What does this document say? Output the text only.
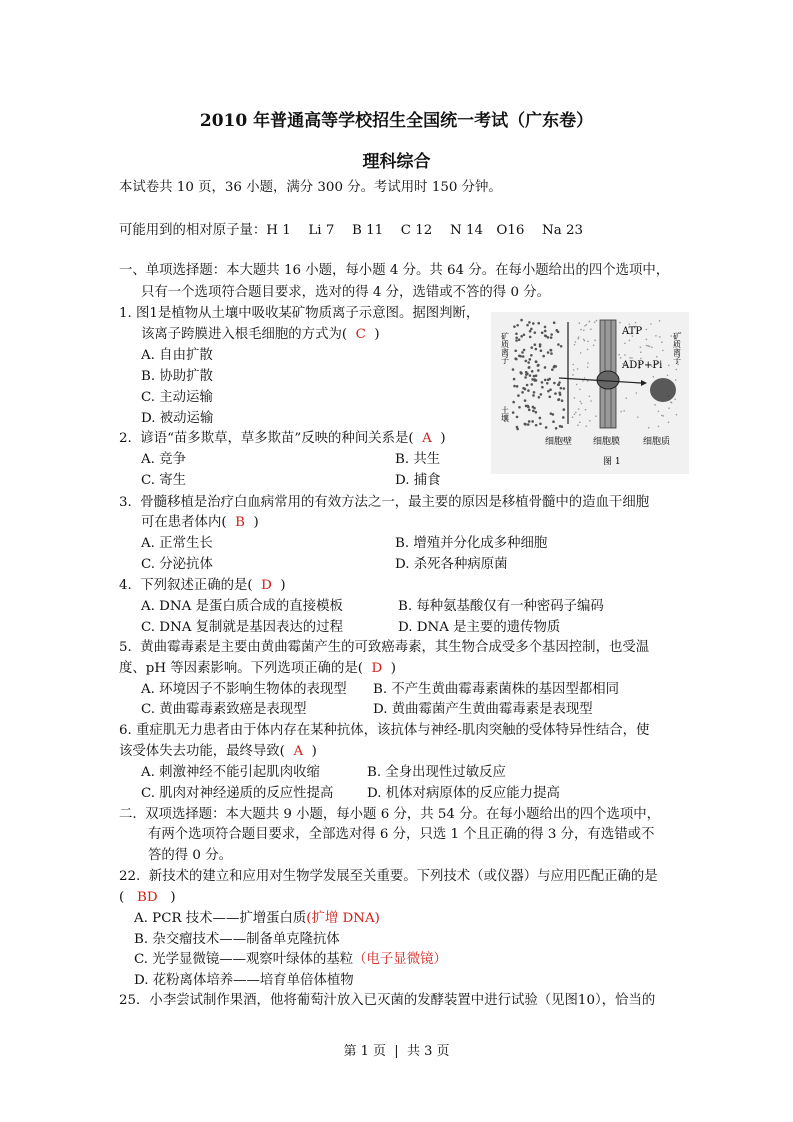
2010 年普通高等学校招生全国统一考试（广东卷）
理科综合
本试卷共 10 页，36 小题，满分 300 分。考试用时 150 分钟。
可能用到的相对原子量：H 1　 Li 7　 B 11　 C 12　 N 14　O16　 Na 23
一、单项选择题：本大题共 16 小题，每小题 4 分。共 64 分。在每小题给出的四个选项中，
只有一个选项符合题目要求，选对的得 4 分，选错或不答的得 0 分。
1. 图1是植物从土壤中吸收某矿物质离子示意图。据图判断，
该离子跨膜进入根毛细胞的方式为(  C  )
A. 自由扩散
B. 协助扩散
C. 主动运输
D. 被动运输
2.  谚语“苗多欺草，草多欺苗”反映的种间关系是(  A  )
A. 竞争	B. 共生
C. 寄生	D. 捕食
3.  骨髓移植是治疗白血病常用的有效方法之一，最主要的原因是移植骨髓中的造血干细胞
可在患者体内(  B  )
A. 正常生长	B. 增殖并分化成多种细胞
C. 分泌抗体	D. 杀死各种病原菌
4.  下列叙述正确的是(  D  )
A. DNA 是蛋白质合成的直接模板	B. 每种氨基酸仅有一种密码子编码
C. DNA 复制就是基因表达的过程	D. DNA 是主要的遗传物质
5.  黄曲霉毒素是主要由黄曲霉菌产生的可致癌毒素，其生物合成受多个基因控制，也受温
度、pH 等因素影响。下列选项正确的是(  D  )
A. 环境因子不影响生物体的表现型 B. 不产生黄曲霉毒素菌株的基因型都相同
C. 黄曲霉毒素致癌是表现型	D. 黄曲霉菌产生黄曲霉毒素是表现型
6. 重症肌无力患者由于体内存在某种抗体，该抗体与神经-肌肉突触的受体特异性结合，使
该受体失去功能，最终导致(  A  )
A. 刺激神经不能引起肌肉收缩	B. 全身出现性过敏反应
C. 肌肉对神经递质的反应性提高	D. 机体对病原体的反应能力提高
二.  双项选择题：本大题共 9 小题，每小题 6 分，共 54 分。在每小题给出的四个选项中，
有两个选项符合题目要求，全部选对得 6 分，只选 1 个且正确的得 3 分，有选错或不
答的得 0 分。
22.  新技术的建立和应用对生物学发展至关重要。下列技术（或仪器）与应用匹配正确的是
(   BD   )
A. PCR 技术——扩增蛋白质(扩增 DNA)
B. 杂交瘤技术——制备单克隆抗体
C. 光学显微镜——观察叶绿体的基粒（电子显微镜）
D. 花粉离体培养——培育单倍体植物
25．小李尝试制作果酒，他将葡萄汁放入已灭菌的发酵装置中进行试验（见图10），恰当的
ATP
ADP+Pi
矿质离子	矿质离子
土壤
细胞壁 细胞膜	细胞质
图 1
第 1 页  |  共 3 页
